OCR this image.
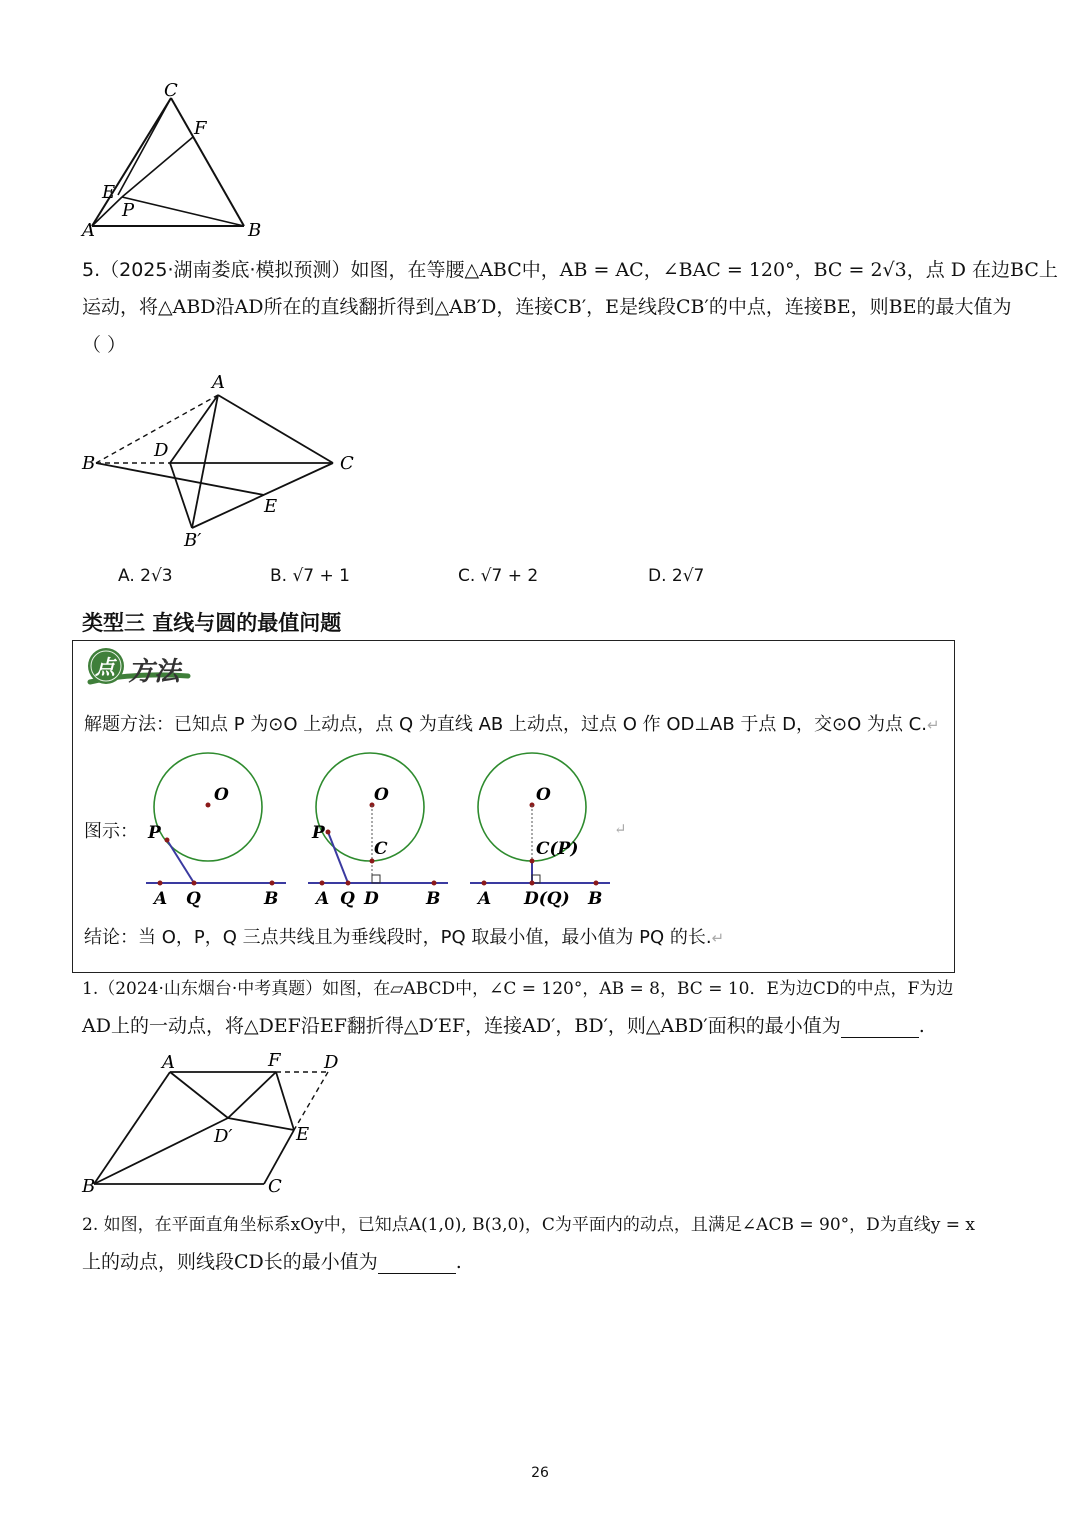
C
F
E
P
A	B
5.（2025·湖南娄底·模拟预测）如图，在等腰△ABC中，AB = AC，∠BAC = 120°，BC = 2√3，点 D 在边BC上
运动，将△ABD沿AD所在的直线翻折得到△AB′D，连接CB′，E是线段CB′的中点，连接BE，则BE的最大值为
（ ）
A
B
D
C
E
B′
A. 2√3	B. √7 + 1	C. √7 + 2	D. 2√7
类型三 直线与圆的最值问题
点 方法
解题方法：已知点 P 为⊙O 上动点，点 Q 为直线 AB 上动点，过点 O 作 OD⊥AB 于点 D，交⊙O 为点 C.↵
图示：
O
P
A Q	B
O
P
C
A Q D	B
O
C(P)
A D(Q) B
↵
结论：当 O，P，Q 三点共线且为垂线段时，PQ 取最小值，最小值为 PQ 的长.↵
1.（2024·山东烟台·中考真题）如图，在▱ABCD中，∠C = 120°，AB = 8，BC = 10．E为边CD的中点，F为边
AD上的一动点，将△DEF沿EF翻折得△D′EF，连接AD′，BD′，则△ABD′面积的最小值为	.
A	F D
D′	E
B	C
2. 如图，在平面直角坐标系xOy中，已知点A(1,0), B(3,0)，C为平面内的动点，且满足∠ACB = 90°，D为直线y = x
上的动点，则线段CD长的最小值为	.
26
